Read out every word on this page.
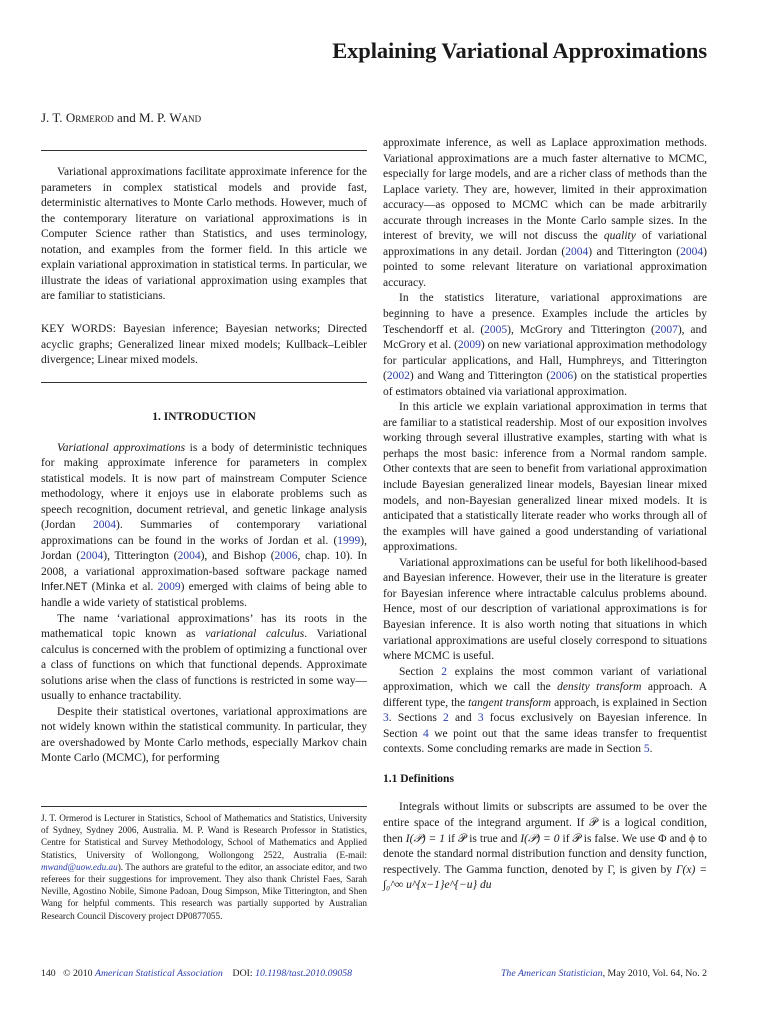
Explaining Variational Approximations
J. T. Ormerod and M. P. Wand

Variational approximations facilitate approximate inference for the parameters in complex statistical models and provide fast, deterministic alternatives to Monte Carlo methods. However, much of the contemporary literature on variational approximations is in Computer Science rather than Statistics, and uses terminology, notation, and examples from the former field. In this article we explain variational approximation in statistical terms. In particular, we illustrate the ideas of variational approximation using examples that are familiar to statisticians.

KEY WORDS: Bayesian inference; Bayesian networks; Directed acyclic graphs; Generalized linear mixed models; Kullback–Leibler divergence; Linear mixed models.

1. INTRODUCTION

Variational approximations is a body of deterministic techniques for making approximate inference for parameters in complex statistical models. It is now part of mainstream Computer Science methodology, where it enjoys use in elaborate problems such as speech recognition, document retrieval, and genetic linkage analysis (Jordan 2004). Summaries of contemporary variational approximations can be found in the works of Jordan et al. (1999), Jordan (2004), Titterington (2004), and Bishop (2006, chap. 10). In 2008, a variational approximation-based software package named Infer.NET (Minka et al. 2009) emerged with claims of being able to handle a wide variety of statistical problems.

The name ‘variational approximations’ has its roots in the mathematical topic known as variational calculus. Variational calculus is concerned with the problem of optimizing a functional over a class of functions on which that functional depends. Approximate solutions arise when the class of functions is restricted in some way—usually to enhance tractability.

Despite their statistical overtones, variational approximations are not widely known within the statistical community. In particular, they are overshadowed by Monte Carlo methods, especially Markov chain Monte Carlo (MCMC), for performing

J. T. Ormerod is Lecturer in Statistics, School of Mathematics and Statistics, University of Sydney, Sydney 2006, Australia. M. P. Wand is Research Professor in Statistics, Centre for Statistical and Survey Methodology, School of Mathematics and Applied Statistics, University of Wollongong, Wollongong 2522, Australia (E-mail: mwand@uow.edu.au). The authors are grateful to the editor, an associate editor, and two referees for their suggestions for improvement. They also thank Christel Faes, Sarah Neville, Agostino Nobile, Simone Padoan, Doug Simpson, Mike Titterington, and Shen Wang for helpful comments. This research was partially supported by Australian Research Council Discovery project DP0877055.

approximate inference, as well as Laplace approximation methods. Variational approximations are a much faster alternative to MCMC, especially for large models, and are a richer class of methods than the Laplace variety. They are, however, limited in their approximation accuracy—as opposed to MCMC which can be made arbitrarily accurate through increases in the Monte Carlo sample sizes. In the interest of brevity, we will not discuss the quality of variational approximations in any detail. Jordan (2004) and Titterington (2004) pointed to some relevant literature on variational approximation accuracy.

In the statistics literature, variational approximations are beginning to have a presence. Examples include the articles by Teschendorff et al. (2005), McGrory and Titterington (2007), and McGrory et al. (2009) on new variational approximation methodology for particular applications, and Hall, Humphreys, and Titterington (2002) and Wang and Titterington (2006) on the statistical properties of estimators obtained via variational approximation.

In this article we explain variational approximation in terms that are familiar to a statistical readership. Most of our exposition involves working through several illustrative examples, starting with what is perhaps the most basic: inference from a Normal random sample. Other contexts that are seen to benefit from variational approximation include Bayesian generalized linear models, Bayesian linear mixed models, and non-Bayesian generalized linear mixed models. It is anticipated that a statistically literate reader who works through all of the examples will have gained a good understanding of variational approximations.

Variational approximations can be useful for both likelihood-based and Bayesian inference. However, their use in the literature is greater for Bayesian inference where intractable calculus problems abound. Hence, most of our description of variational approximations is for Bayesian inference. It is also worth noting that situations in which variational approximations are useful closely correspond to situations where MCMC is useful.

Section 2 explains the most common variant of variational approximation, which we call the density transform approach. A different type, the tangent transform approach, is explained in Section 3. Sections 2 and 3 focus exclusively on Bayesian inference. In Section 4 we point out that the same ideas transfer to frequentist contexts. Some concluding remarks are made in Section 5.

1.1 Definitions

Integrals without limits or subscripts are assumed to be over the entire space of the integrand argument. If 𝒫 is a logical condition, then I(𝒫) = 1 if 𝒫 is true and I(𝒫) = 0 if 𝒫 is false. We use Φ and ϕ to denote the standard normal distribution function and density function, respectively. The Gamma function, denoted by Γ, is given by Γ(x) = ∫₀^∞ u^{x−1}e^{−u} du

140 © 2010 American Statistical Association DOI: 10.1198/tast.2010.09058	The American Statistician, May 2010, Vol. 64, No. 2
